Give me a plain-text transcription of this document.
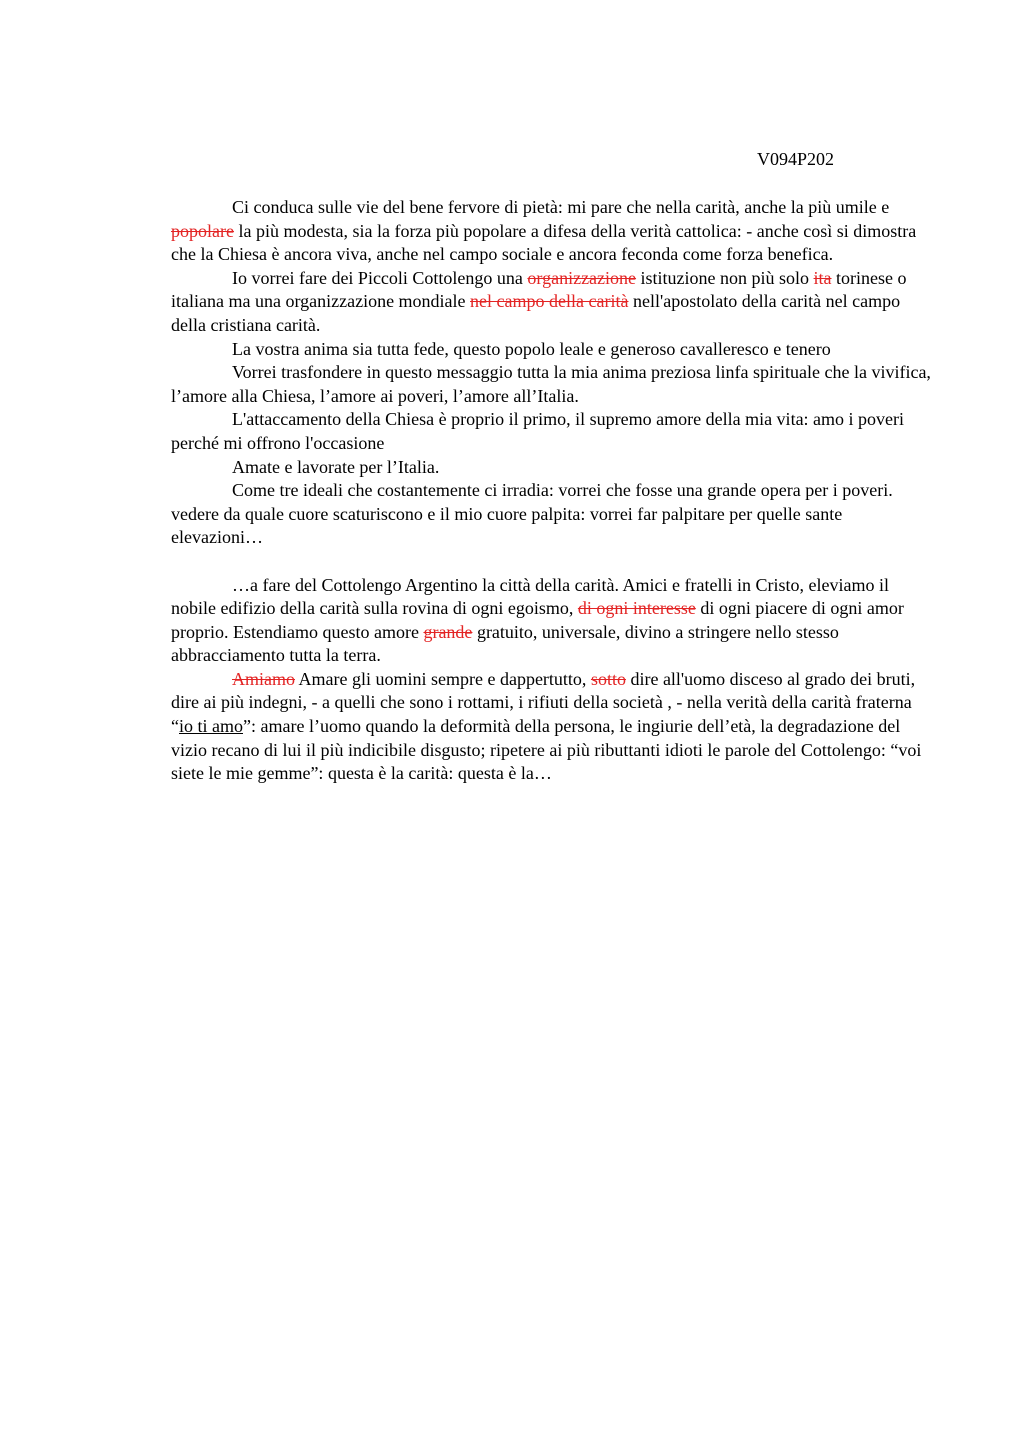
V094P202

Ci conduca sulle vie del bene fervore di pietà: mi pare che nella carità, anche la più umile e popolare la più modesta, sia la forza più popolare a difesa della verità cattolica: - anche così si dimostra che la Chiesa è ancora viva, anche nel campo sociale e ancora feconda come forza benefica.

Io vorrei fare dei Piccoli Cottolengo una organizzazione istituzione non più solo ita torinese o italiana ma una organizzazione mondiale nel campo della carità nell'apostolato della carità nel campo della cristiana carità.

La vostra anima sia tutta fede, questo popolo leale e generoso cavalleresco e tenero

Vorrei trasfondere in questo messaggio tutta la mia anima preziosa linfa spirituale che la vivifica, l’amore alla Chiesa, l’amore ai poveri, l’amore all’Italia.

L'attaccamento della Chiesa è proprio il primo, il supremo amore della mia vita: amo i poveri perché mi offrono l'occasione

Amate e lavorate per l’Italia.

Come tre ideali che costantemente ci irradia: vorrei che fosse una grande opera per i poveri. vedere da quale cuore scaturiscono e il mio cuore palpita: vorrei far palpitare per quelle sante elevazioni…

…a fare del Cottolengo Argentino la città della carità. Amici e fratelli in Cristo, eleviamo il nobile edifizio della carità sulla rovina di ogni egoismo, di ogni interesse di ogni piacere di ogni amor proprio. Estendiamo questo amore grande gratuito, universale, divino a stringere nello stesso abbracciamento tutta la terra.

Amiamo Amare gli uomini sempre e dappertutto, sotto dire all'uomo disceso al grado dei bruti, dire ai più indegni, - a quelli che sono i rottami, i rifiuti della società , - nella verità della carità fraterna “io ti amo”: amare l’uomo quando la deformità della persona, le ingiurie dell’età, la degradazione del vizio recano di lui il più indicibile disgusto; ripetere ai più ributtanti idioti le parole del Cottolengo: “voi siete le mie gemme”: questa è la carità: questa è la…
